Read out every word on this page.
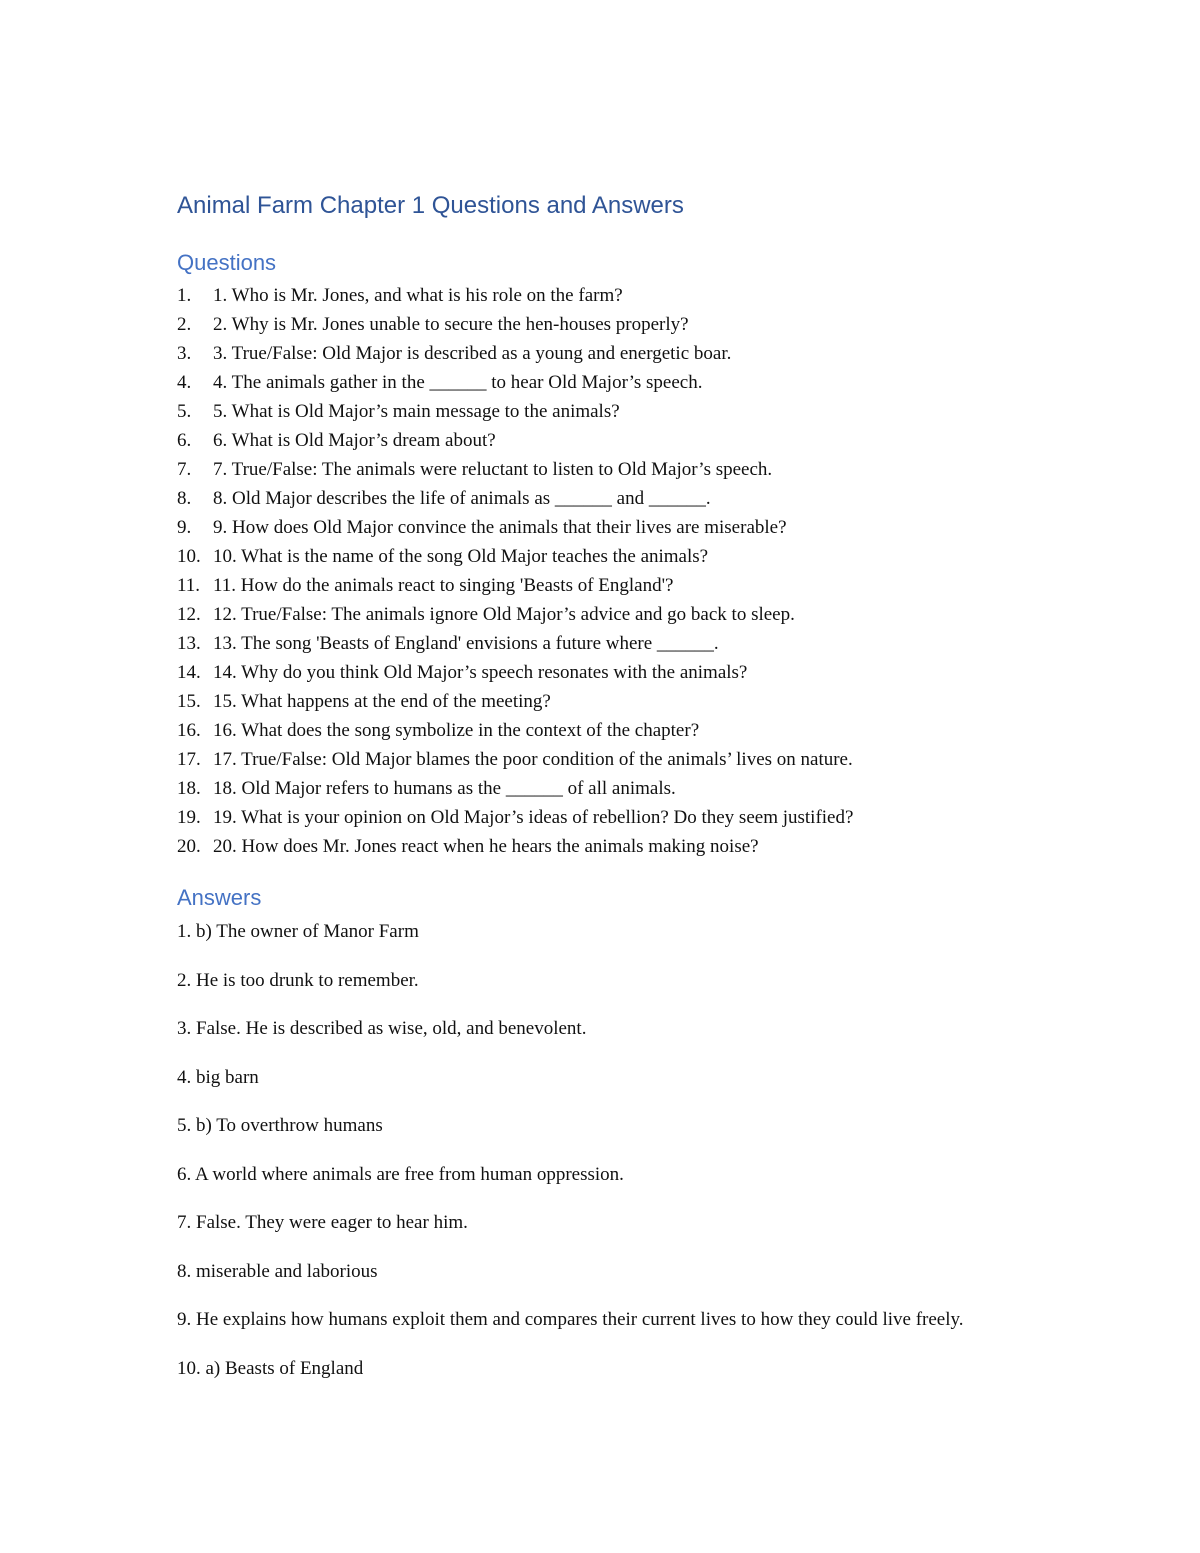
Animal Farm Chapter 1 Questions and Answers
Questions
1.	1. Who is Mr. Jones, and what is his role on the farm?
2.	2. Why is Mr. Jones unable to secure the hen-houses properly?
3.	3. True/False: Old Major is described as a young and energetic boar.
4.	4. The animals gather in the ______ to hear Old Major’s speech.
5.	5. What is Old Major’s main message to the animals?
6.	6. What is Old Major’s dream about?
7.	7. True/False: The animals were reluctant to listen to Old Major’s speech.
8.	8. Old Major describes the life of animals as ______ and ______.
9.	9. How does Old Major convince the animals that their lives are miserable?
10. 10. What is the name of the song Old Major teaches the animals?
11. 11. How do the animals react to singing 'Beasts of England'?
12. 12. True/False: The animals ignore Old Major’s advice and go back to sleep.
13. 13. The song 'Beasts of England' envisions a future where ______.
14. 14. Why do you think Old Major’s speech resonates with the animals?
15. 15. What happens at the end of the meeting?
16. 16. What does the song symbolize in the context of the chapter?
17. 17. True/False: Old Major blames the poor condition of the animals’ lives on nature.
18. 18. Old Major refers to humans as the ______ of all animals.
19. 19. What is your opinion on Old Major’s ideas of rebellion? Do they seem justified?
20. 20. How does Mr. Jones react when he hears the animals making noise?
Answers

1. b) The owner of Manor Farm

2. He is too drunk to remember.

3. False. He is described as wise, old, and benevolent.

4. big barn

5. b) To overthrow humans

6. A world where animals are free from human oppression.

7. False. They were eager to hear him.

8. miserable and laborious

9. He explains how humans exploit them and compares their current lives to how they could live freely.

10. a) Beasts of England
